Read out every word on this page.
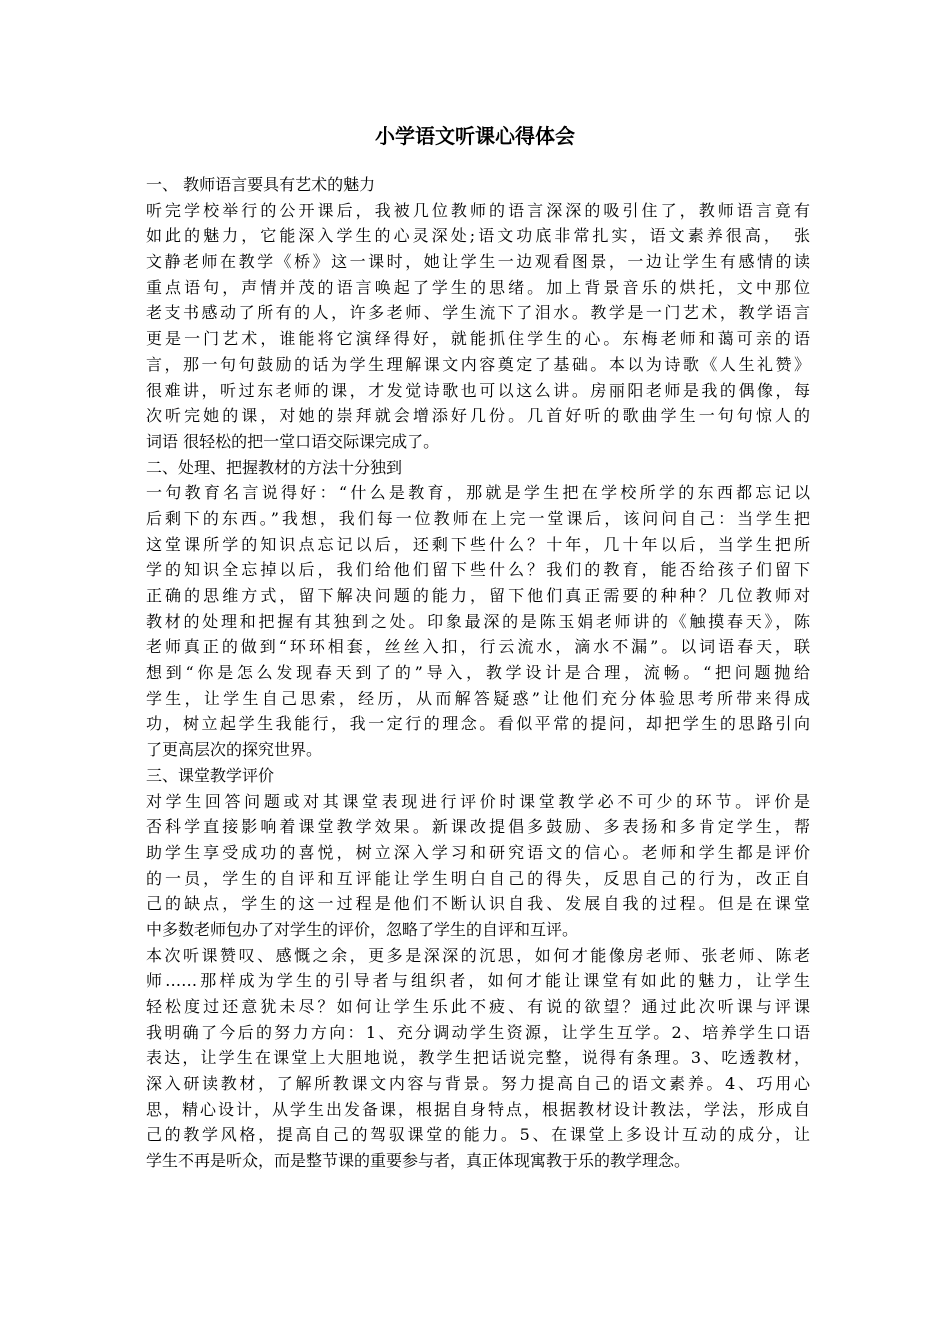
小学语文听课心得体会
一、 教师语言要具有艺术的魅力
听完学校举行的公开课后，我被几位教师的语言深深的吸引住了，教师语言竟有
如此的魅力，它能深入学生的心灵深处;语文功底非常扎实，语文素养很高，　张
文静老师在教学《桥》这一课时，她让学生一边观看图景，一边让学生有感情的读
重点语句，声情并茂的语言唤起了学生的思绪。加上背景音乐的烘托，文中那位
老支书感动了所有的人，许多老师、学生流下了泪水。教学是一门艺术，教学语言
更是一门艺术，谁能将它演绎得好，就能抓住学生的心。东梅老师和蔼可亲的语
言，那一句句鼓励的话为学生理解课文内容奠定了基础。本以为诗歌《人生礼赞》
很难讲，听过东老师的课，才发觉诗歌也可以这么讲。房丽阳老师是我的偶像，每
次听完她的课，对她的崇拜就会增添好几份。几首好听的歌曲学生一句句惊人的
词语 很轻松的把一堂口语交际课完成了。
二、处理、把握教材的方法十分独到
一句教育名言说得好：“什么是教育，那就是学生把在学校所学的东西都忘记以
后剩下的东西。”我想，我们每一位教师在上完一堂课后，该问问自己：当学生把
这堂课所学的知识点忘记以后，还剩下些什么？十年，几十年以后，当学生把所
学的知识全忘掉以后，我们给他们留下些什么？我们的教育，能否给孩子们留下
正确的思维方式，留下解决问题的能力，留下他们真正需要的种种？几位教师对
教材的处理和把握有其独到之处。印象最深的是陈玉娟老师讲的《触摸春天》，陈
老师真正的做到“环环相套，丝丝入扣，行云流水，滴水不漏”。以词语春天，联
想到“你是怎么发现春天到了的”导入，教学设计是合理，流畅。“把问题抛给
学生，让学生自己思索，经历，从而解答疑惑”让他们充分体验思考所带来得成
功，树立起学生我能行，我一定行的理念。看似平常的提问，却把学生的思路引向
了更高层次的探究世界。
三、课堂教学评价
对学生回答问题或对其课堂表现进行评价时课堂教学必不可少的环节。评价是
否科学直接影响着课堂教学效果。新课改提倡多鼓励、多表扬和多肯定学生，帮
助学生享受成功的喜悦，树立深入学习和研究语文的信心。老师和学生都是评价
的一员，学生的自评和互评能让学生明白自己的得失，反思自己的行为，改正自
己的缺点，学生的这一过程是他们不断认识自我、发展自我的过程。但是在课堂
中多数老师包办了对学生的评价，忽略了学生的自评和互评。
本次听课赞叹、感慨之余，更多是深深的沉思，如何才能像房老师、张老师、陈老
师……那样成为学生的引导者与组织者，如何才能让课堂有如此的魅力，让学生
轻松度过还意犹未尽？如何让学生乐此不疲、有说的欲望？通过此次听课与评课
我明确了今后的努力方向：1、充分调动学生资源，让学生互学。2、培养学生口语
表达，让学生在课堂上大胆地说，教学生把话说完整，说得有条理。3、吃透教材，
深入研读教材，了解所教课文内容与背景。努力提高自己的语文素养。4、巧用心
思，精心设计，从学生出发备课，根据自身特点，根据教材设计教法，学法，形成自
己的教学风格，提高自己的驾驭课堂的能力。5、在课堂上多设计互动的成分，让
学生不再是听众，而是整节课的重要参与者，真正体现寓教于乐的教学理念。
